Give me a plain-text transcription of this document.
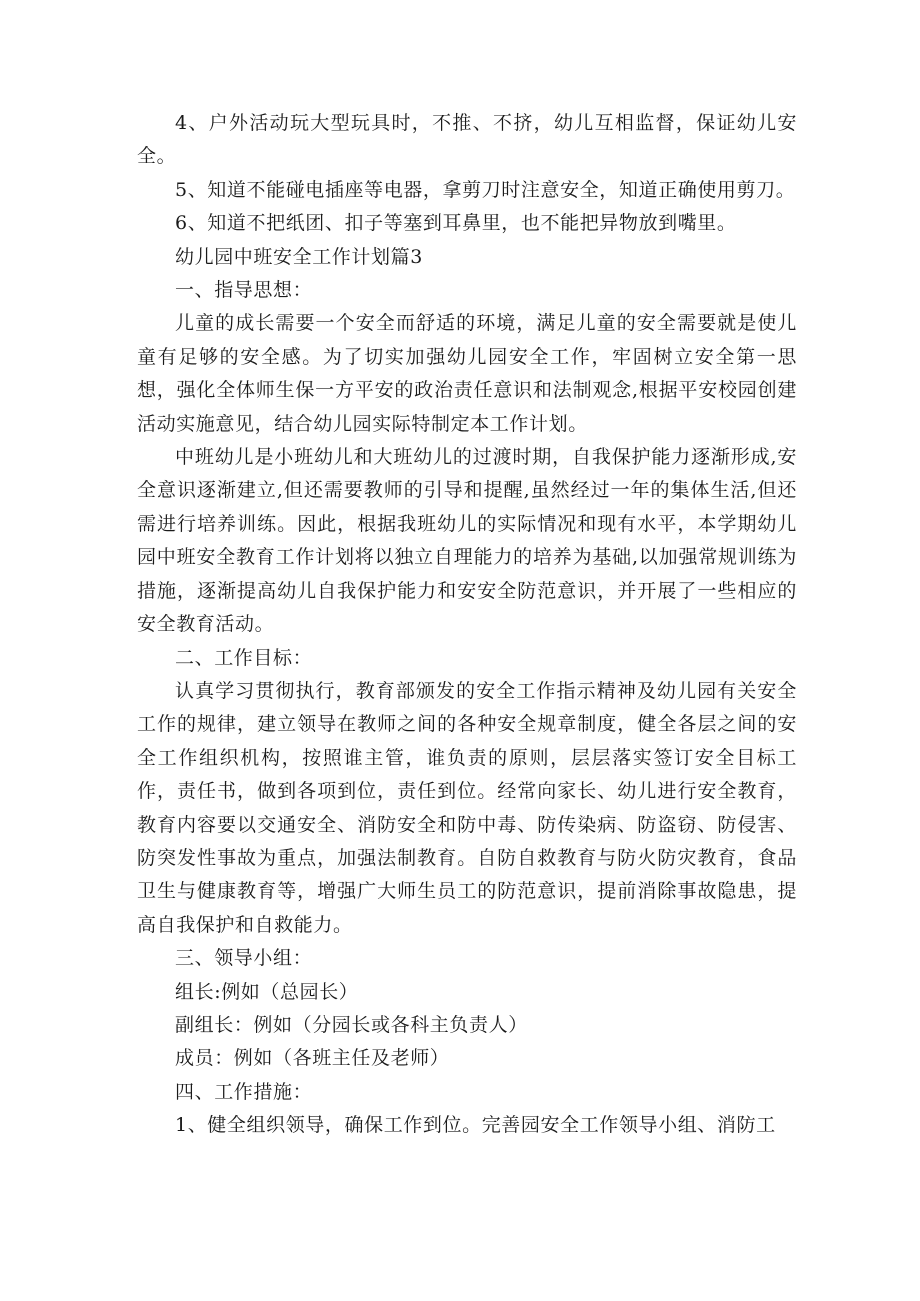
4、户外活动玩大型玩具时，不推、不挤，幼儿互相监督，保证幼儿安全。

5、知道不能碰电插座等电器，拿剪刀时注意安全，知道正确使用剪刀。

6、知道不把纸团、扣子等塞到耳鼻里，也不能把异物放到嘴里。

幼儿园中班安全工作计划篇3

一、指导思想：

儿童的成长需要一个安全而舒适的环境，满足儿童的安全需要就是使儿童有足够的安全感。为了切实加强幼儿园安全工作，牢固树立安全第一思想，强化全体师生保一方平安的政治责任意识和法制观念,根据平安校园创建活动实施意见，结合幼儿园实际特制定本工作计划。

中班幼儿是小班幼儿和大班幼儿的过渡时期，自我保护能力逐渐形成,安全意识逐渐建立,但还需要教师的引导和提醒,虽然经过一年的集体生活,但还需进行培养训练。因此，根据我班幼儿的实际情况和现有水平，本学期幼儿园中班安全教育工作计划将以独立自理能力的培养为基础,以加强常规训练为措施，逐渐提高幼儿自我保护能力和安安全防范意识，并开展了一些相应的安全教育活动。

二、工作目标：

认真学习贯彻执行，教育部颁发的安全工作指示精神及幼儿园有关安全工作的规律，建立领导在教师之间的各种安全规章制度，健全各层之间的安全工作组织机构，按照谁主管，谁负责的原则，层层落实签订安全目标工作，责任书，做到各项到位，责任到位。经常向家长、幼儿进行安全教育，教育内容要以交通安全、消防安全和防中毒、防传染病、防盗窃、防侵害、防突发性事故为重点，加强法制教育。自防自救教育与防火防灾教育，食品卫生与健康教育等，增强广大师生员工的防范意识，提前消除事故隐患，提高自我保护和自救能力。

三、领导小组：

组长:例如（总园长）

副组长：例如（分园长或各科主负责人）

成员：例如（各班主任及老师）

四、工作措施：

1、健全组织领导，确保工作到位。完善园安全工作领导小组、消防工
